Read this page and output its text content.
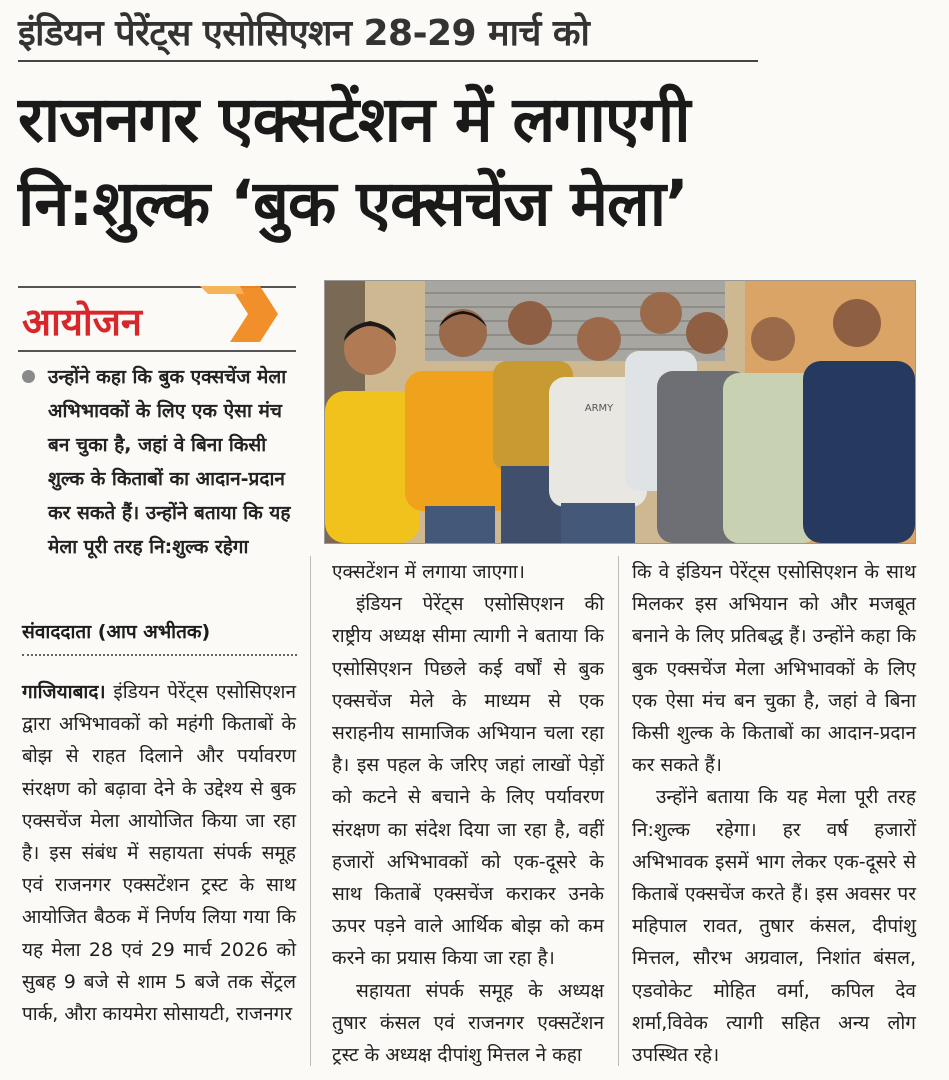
इंडियन पेरेंट्स एसोसिएशन 28-29 मार्च को
राजनगर एक्सटेंशन में लगाएगी
नि:शुल्क ‘बुक एक्सचेंज मेला’
आयोजन
उन्होंने कहा कि बुक एक्सचेंज मेला अभिभावकों के लिए एक ऐसा मंच बन चुका है, जहां वे बिना किसी शुल्क के किताबों का आदान-प्रदान कर सकते हैं। उन्होंने बताया कि यह मेला पूरी तरह नि:शुल्क रहेगा
संवाददाता (आप अभीतक)

गाजियाबाद। इंडियन पेरेंट्स एसोसिएशन द्वारा अभिभावकों को महंगी किताबों के बोझ से राहत दिलाने और पर्यावरण संरक्षण को बढ़ावा देने के उद्देश्य से बुक एक्सचेंज मेला आयोजित किया जा रहा है। इस संबंध में सहायता संपर्क समूह एवं राजनगर एक्सटेंशन ट्रस्ट के साथ आयोजित बैठक में निर्णय लिया गया कि यह मेला 28 एवं 29 मार्च 2026 को सुबह 9 बजे से शाम 5 बजे तक सेंट्रल पार्क, औरा कायमेरा सोसायटी, राजनगर

ARMY

एक्सटेंशन में लगाया जाएगा।

इंडियन पेरेंट्स एसोसिएशन की राष्ट्रीय अध्यक्ष सीमा त्यागी ने बताया कि एसोसिएशन पिछले कई वर्षों से बुक एक्सचेंज मेले के माध्यम से एक सराहनीय सामाजिक अभियान चला रहा है। इस पहल के जरिए जहां लाखों पेड़ों को कटने से बचाने के लिए पर्यावरण संरक्षण का संदेश दिया जा रहा है, वहीं हजारों अभिभावकों को एक-दूसरे के साथ किताबें एक्सचेंज कराकर उनके ऊपर पड़ने वाले आर्थिक बोझ को कम करने का प्रयास किया जा रहा है।

सहायता संपर्क समूह के अध्यक्ष तुषार कंसल एवं राजनगर एक्सटेंशन ट्रस्ट के अध्यक्ष दीपांशु मित्तल ने कहा

कि वे इंडियन पेरेंट्स एसोसिएशन के साथ मिलकर इस अभियान को और मजबूत बनाने के लिए प्रतिबद्ध हैं। उन्होंने कहा कि बुक एक्सचेंज मेला अभिभावकों के लिए एक ऐसा मंच बन चुका है, जहां वे बिना किसी शुल्क के किताबों का आदान-प्रदान कर सकते हैं।

उन्होंने बताया कि यह मेला पूरी तरह नि:शुल्क रहेगा। हर वर्ष हजारों अभिभावक इसमें भाग लेकर एक-दूसरे से किताबें एक्सचेंज करते हैं। इस अवसर पर महिपाल रावत, तुषार कंसल, दीपांशु मित्तल, सौरभ अग्रवाल, निशांत बंसल, एडवोकेट मोहित वर्मा, कपिल देव शर्मा,विवेक त्यागी सहित अन्य लोग उपस्थित रहे।
